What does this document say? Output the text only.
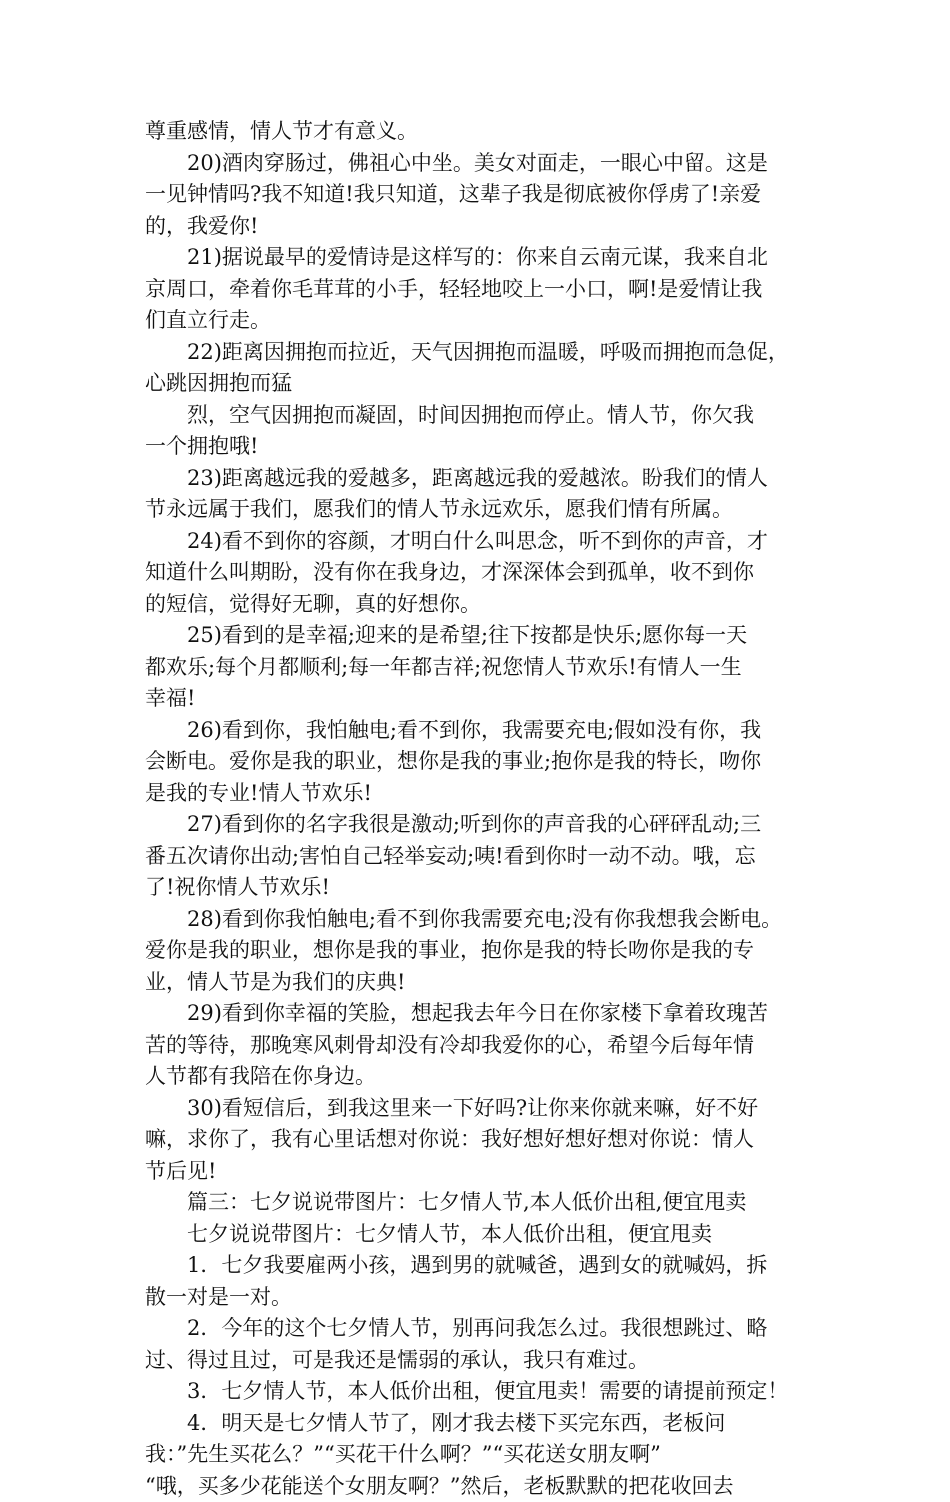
尊重感情，情人节才有意义。
20)酒肉穿肠过，佛祖心中坐。美女对面走，一眼心中留。这是
一见钟情吗?我不知道!我只知道，这辈子我是彻底被你俘虏了!亲爱
的，我爱你!
21)据说最早的爱情诗是这样写的：你来自云南元谋，我来自北
京周口，牵着你毛茸茸的小手，轻轻地咬上一小口，啊!是爱情让我
们直立行走。
22)距离因拥抱而拉近，天气因拥抱而温暖，呼吸而拥抱而急促，
心跳因拥抱而猛
烈，空气因拥抱而凝固，时间因拥抱而停止。情人节，你欠我
一个拥抱哦!
23)距离越远我的爱越多，距离越远我的爱越浓。盼我们的情人
节永远属于我们，愿我们的情人节永远欢乐，愿我们情有所属。
24)看不到你的容颜，才明白什么叫思念，听不到你的声音，才
知道什么叫期盼，没有你在我身边，才深深体会到孤单，收不到你
的短信，觉得好无聊，真的好想你。
25)看到的是幸福;迎来的是希望;往下按都是快乐;愿你每一天
都欢乐;每个月都顺利;每一年都吉祥;祝您情人节欢乐!有情人一生
幸福!
26)看到你，我怕触电;看不到你，我需要充电;假如没有你，我
会断电。爱你是我的职业，想你是我的事业;抱你是我的特长，吻你
是我的专业!情人节欢乐!
27)看到你的名字我很是激动;听到你的声音我的心砰砰乱动;三
番五次请你出动;害怕自己轻举妄动;咦!看到你时一动不动。哦，忘
了!祝你情人节欢乐!
28)看到你我怕触电;看不到你我需要充电;没有你我想我会断电。
爱你是我的职业，想你是我的事业，抱你是我的特长吻你是我的专
业，情人节是为我们的庆典!
29)看到你幸福的笑脸，想起我去年今日在你家楼下拿着玫瑰苦
苦的等待，那晚寒风刺骨却没有冷却我爱你的心，希望今后每年情
人节都有我陪在你身边。
30)看短信后，到我这里来一下好吗?让你来你就来嘛，好不好
嘛，求你了，我有心里话想对你说：我好想好想好想对你说：情人
节后见!
篇三：七夕说说带图片：七夕情人节,本人低价出租,便宜甩卖
七夕说说带图片：七夕情人节，本人低价出租，便宜甩卖
1．七夕我要雇两小孩，遇到男的就喊爸，遇到女的就喊妈，拆
散一对是一对。
2．今年的这个七夕情人节，别再问我怎么过。我很想跳过、略
过、得过且过，可是我还是懦弱的承认，我只有难过。
3．七夕情人节，本人低价出租，便宜甩卖！需要的请提前预定！
4．明天是七夕情人节了，刚才我去楼下买完东西，老板问
我：”先生买花么？”“买花干什么啊？”“买花送女朋友啊”
“哦，买多少花能送个女朋友啊？”然后，老板默默的把花收回去
